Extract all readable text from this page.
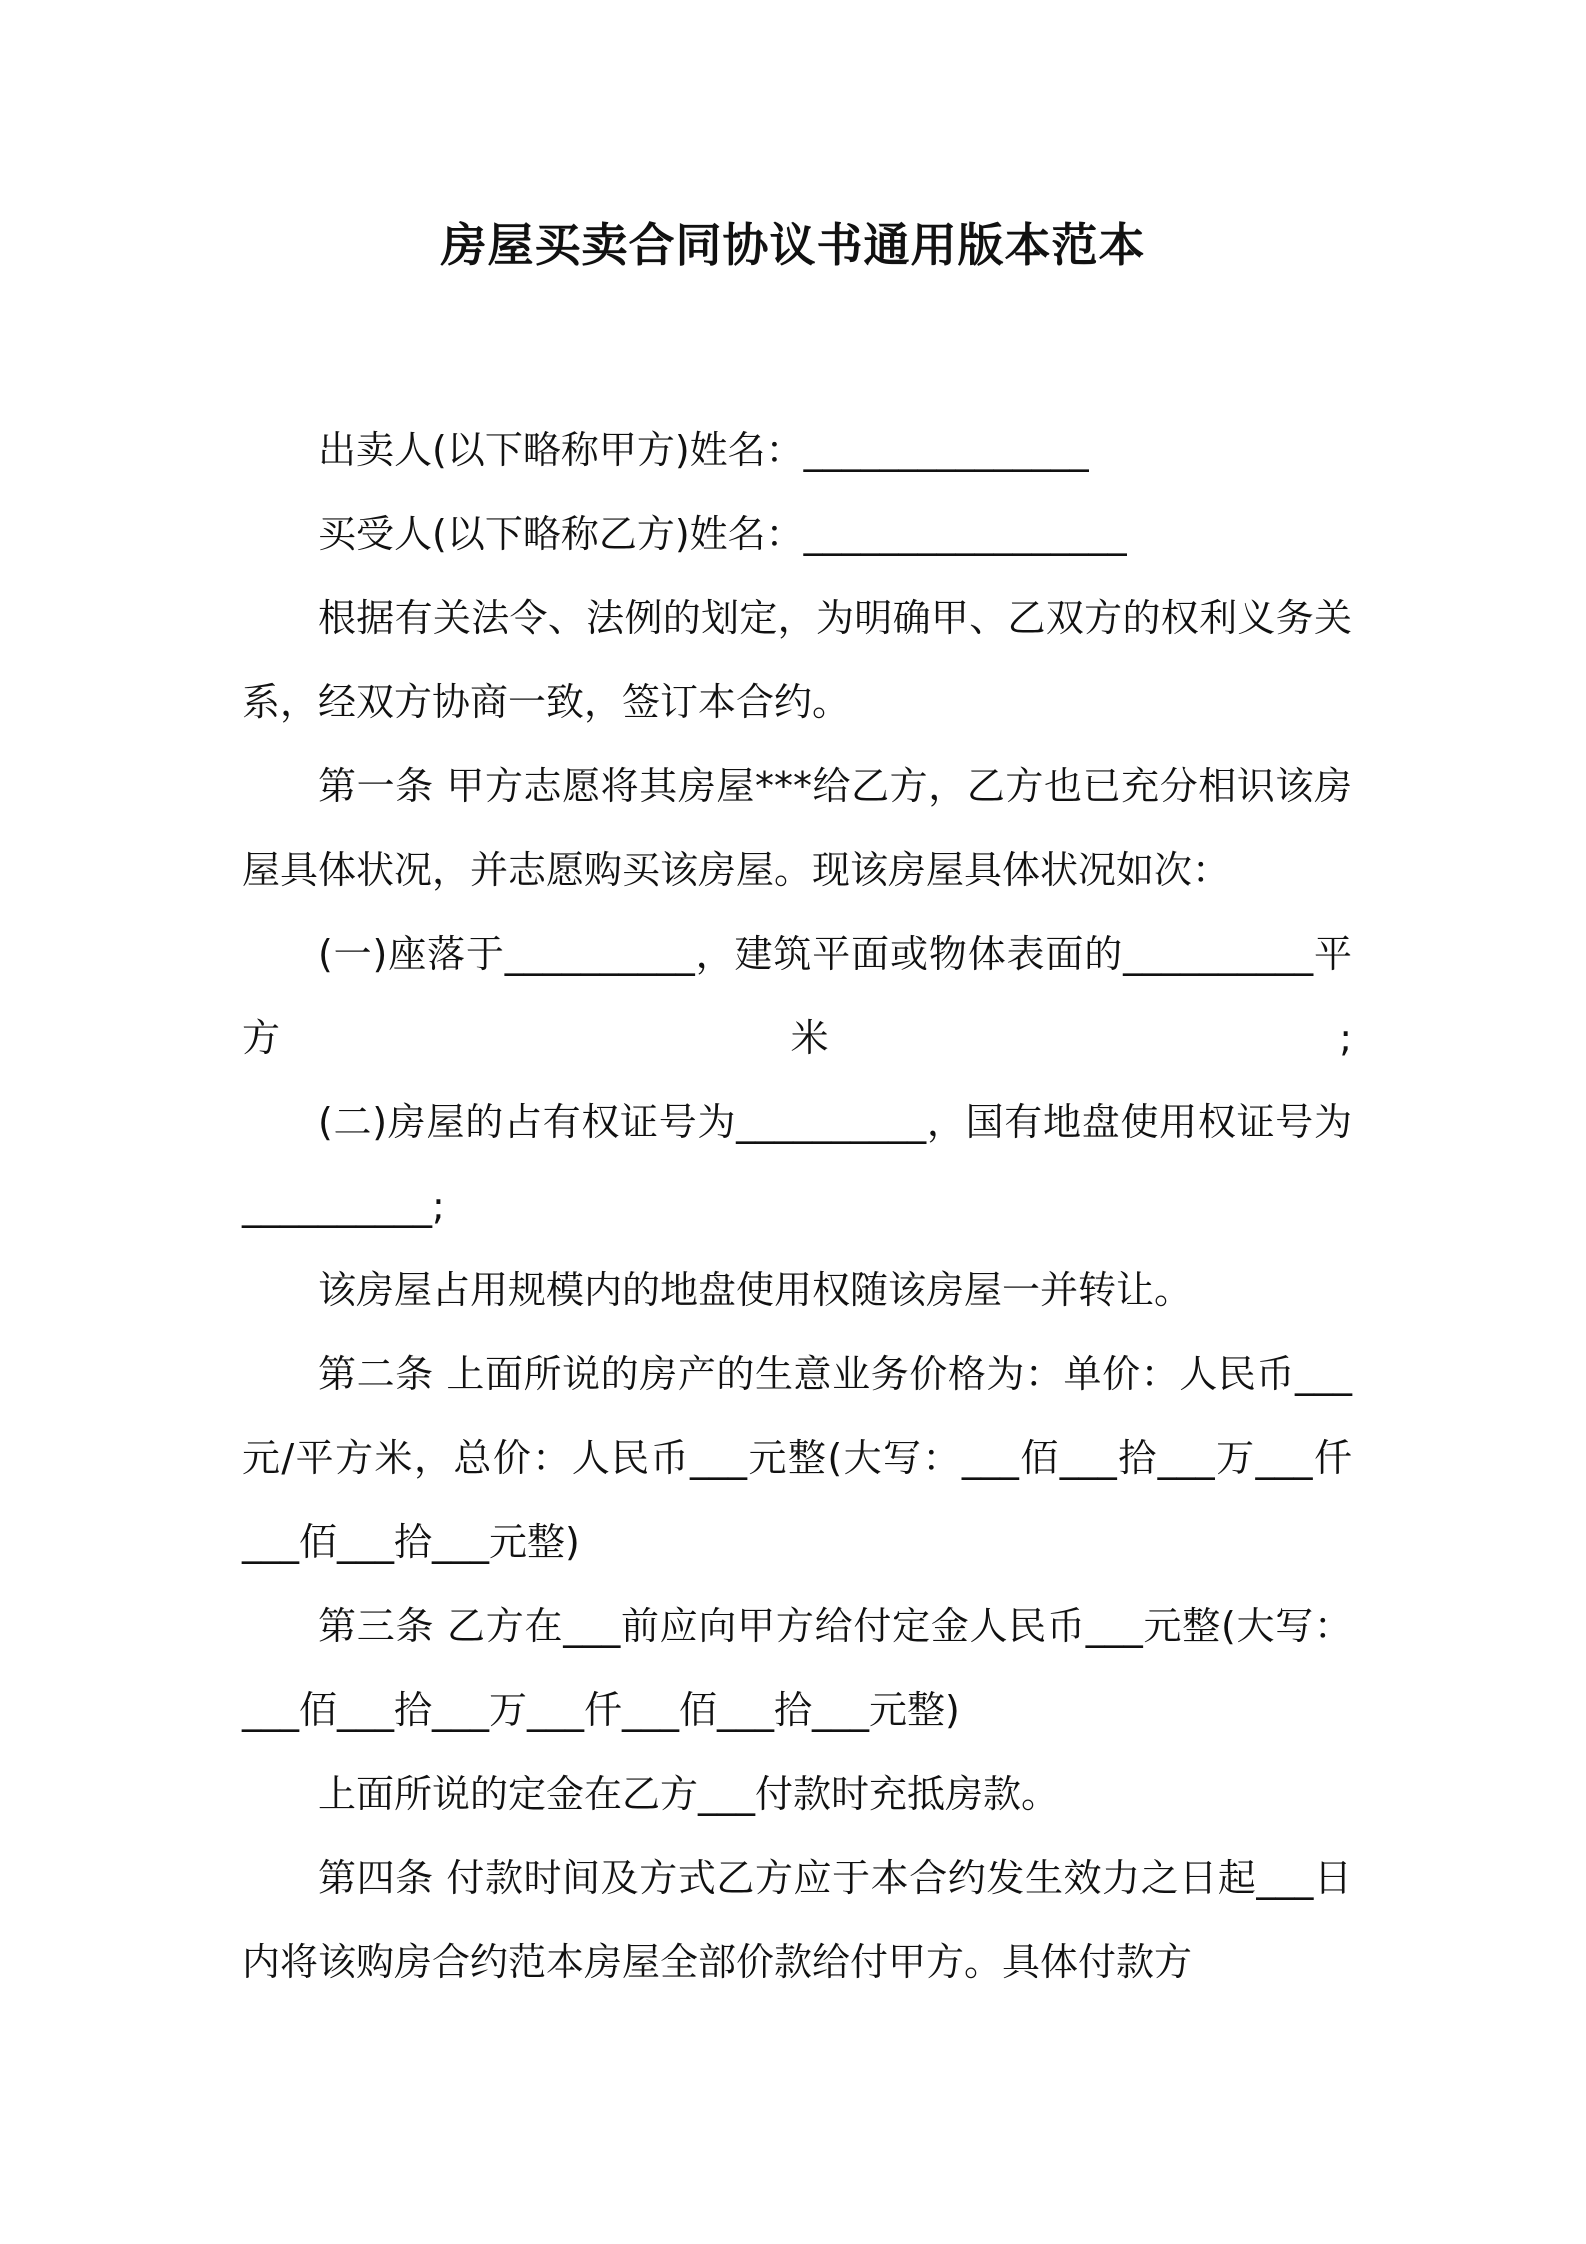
房屋买卖合同协议书通用版本范本

出卖人(以下略称甲方)姓名：_______________

买受人(以下略称乙方)姓名：_________________

根据有关法令、法例的划定，为明确甲、乙双方的权利义务关系，经双方协商一致，签订本合约。

第一条 甲方志愿将其房屋***给乙方，乙方也已充分相识该房屋具体状况，并志愿购买该房屋。现该房屋具体状况如次：

(一)座落于__________，建筑平面或物体表面的__________平方米;

(二)房屋的占有权证号为__________，国有地盘使用权证号为__________;

该房屋占用规模内的地盘使用权随该房屋一并转让。

第二条 上面所说的房产的生意业务价格为：单价：人民币___元/平方米，总价：人民币___元整(大写：___佰___拾___万___仟___佰___拾___元整)

第三条 乙方在___前应向甲方给付定金人民币___元整(大写：___佰___拾___万___仟___佰___拾___元整)

上面所说的定金在乙方___付款时充抵房款。

第四条 付款时间及方式乙方应于本合约发生效力之日起___日内将该购房合约范本房屋全部价款给付甲方。具体付款方
